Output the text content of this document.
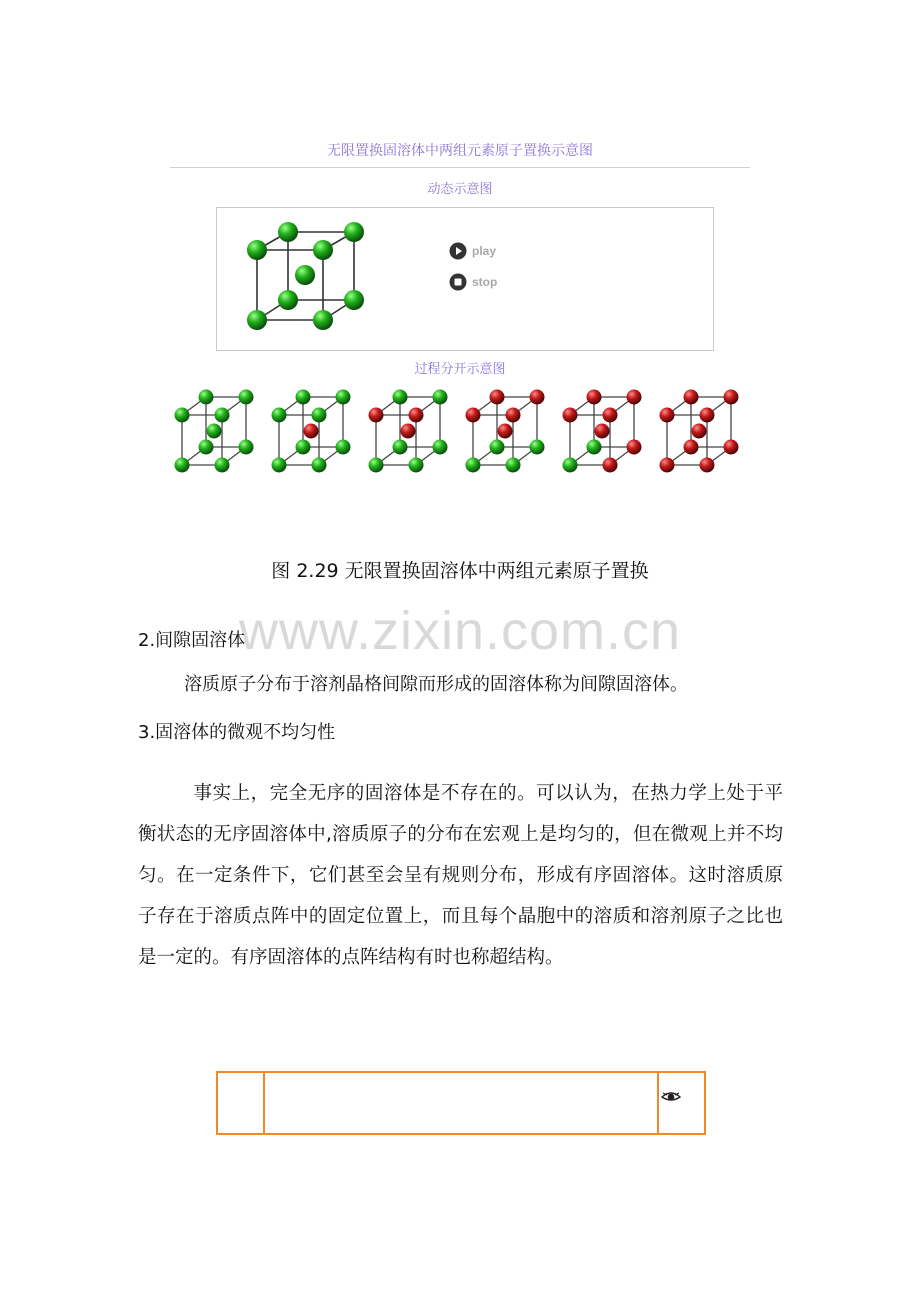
无限置换固溶体中两组元素原子置换示意图
动态示意图
play
stop
过程分开示意图
图 2.29 无限置换固溶体中两组元素原子置换
www.zixin.com.cn
2.间隙固溶体
溶质原子分布于溶剂晶格间隙而形成的固溶体称为间隙固溶体。
3.固溶体的微观不均匀性
事实上，完全无序的固溶体是不存在的。可以认为，在热力学上处于平衡状态的无序固溶体中,溶质原子的分布在宏观上是均匀的，但在微观上并不均匀。在一定条件下，它们甚至会呈有规则分布，形成有序固溶体。这时溶质原子存在于溶质点阵中的固定位置上，而且每个晶胞中的溶质和溶剂原子之比也是一定的。有序固溶体的点阵结构有时也称超结构。
